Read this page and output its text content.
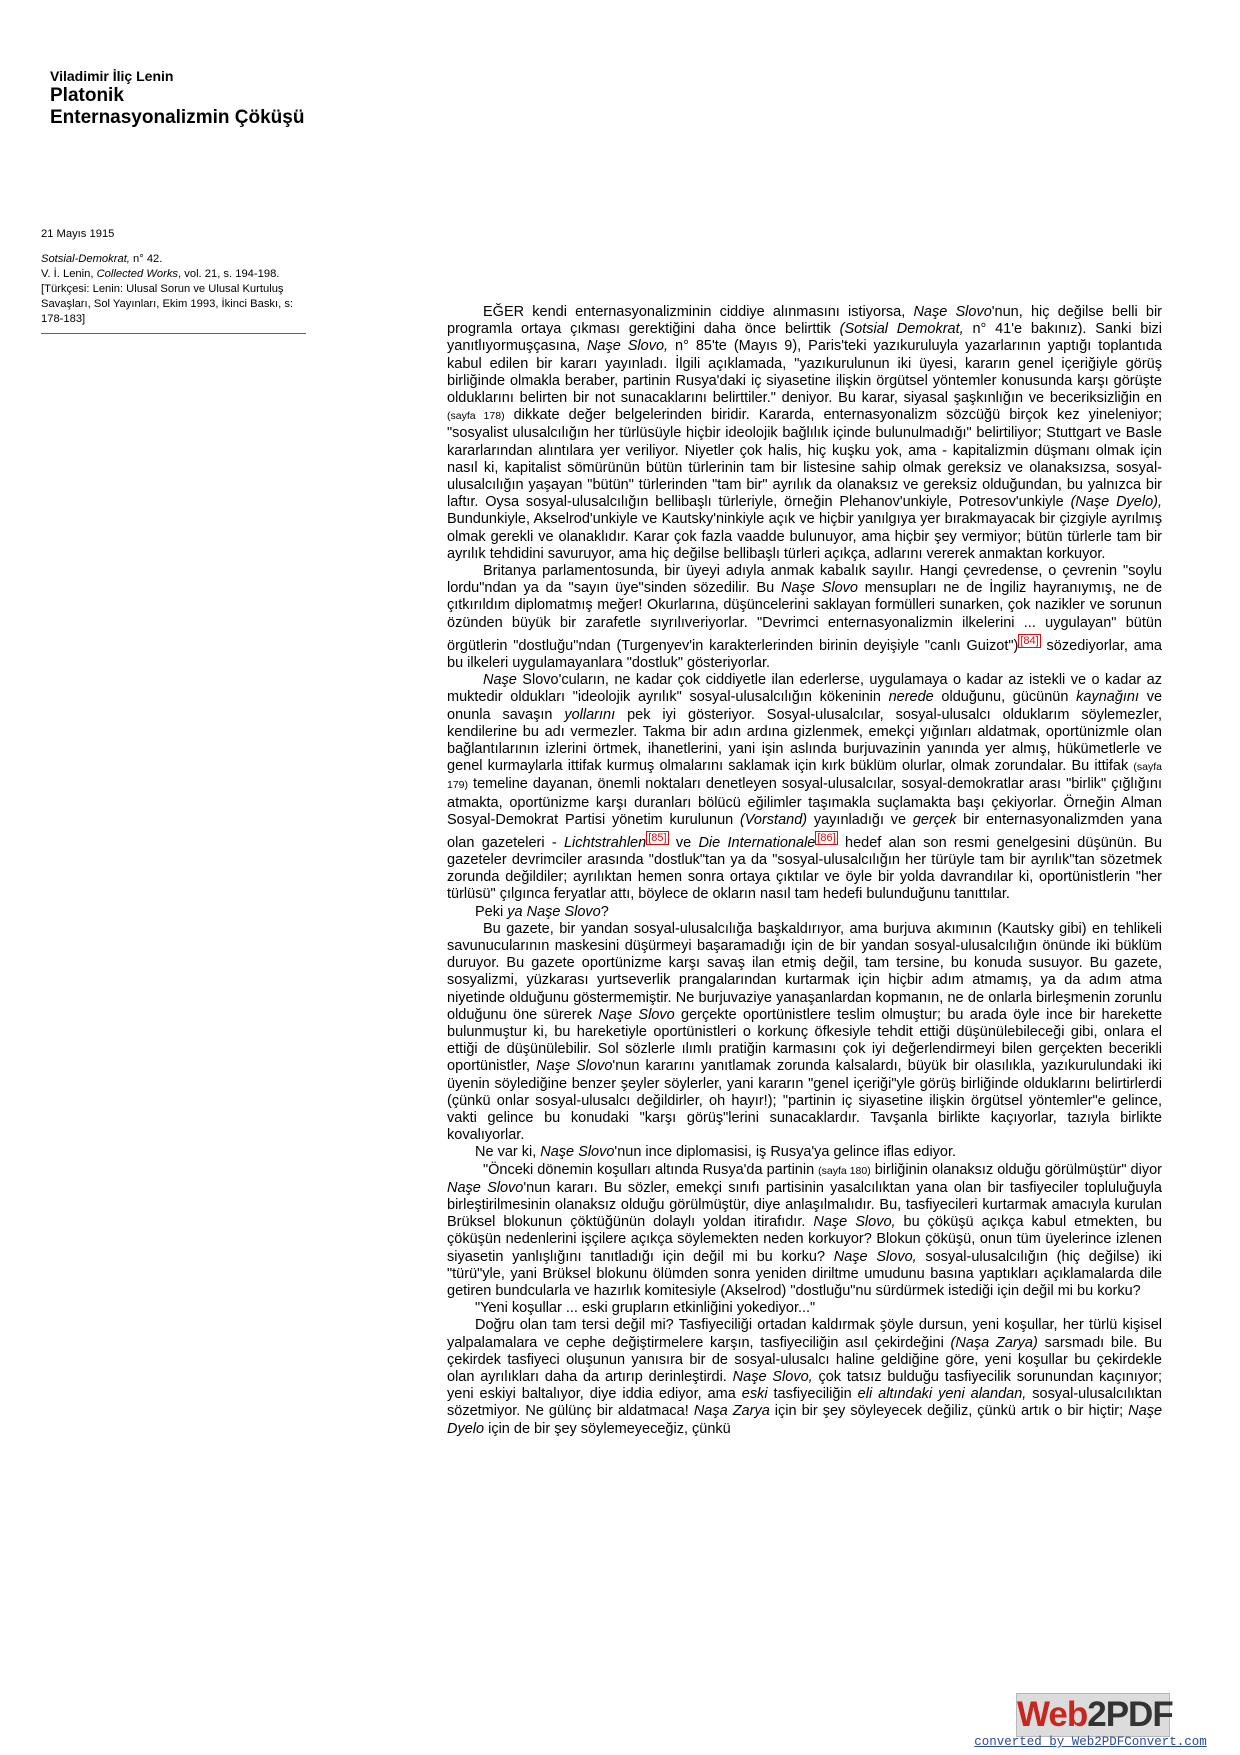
Viladimir İliç Lenin

Platonik

Enternasyonalizmin Çöküşü

21 Mayıs 1915

Sotsial-Demokrat, n° 42.

V. İ. Lenin, Collected Works, vol. 21, s. 194-198.

[Türkçesi: Lenin: Ulusal Sorun ve Ulusal Kurtuluş Savaşları, Sol Yayınları, Ekim 1993, İkinci Baskı, s: 178-183]	EĞER kendi enternasyonalizminin ciddiye alınmasını istiyorsa, Naşe Slovo'nun, hiç değilse belli bir programla ortaya çıkması gerektiğini daha önce belirttik (Sotsial Demokrat, n° 41'e bakınız). Sanki bizi yanıtlıyormuşçasına, Naşe Slovo, n° 85'te (Mayıs 9), Paris'teki yazıkuruluyla yazarlarının yaptığı toplantıda kabul edilen bir kararı yayınladı. İlgili açıklamada, "yazıkurulunun iki üyesi, kararın genel içeriğiyle görüş birliğinde olmakla beraber, partinin Rusya'daki iç siyasetine ilişkin örgütsel yöntemler konusunda karşı görüşte olduklarını belirten bir not sunacaklarını belirttiler." deniyor. Bu karar, siyasal şaşkınlığın ve beceriksizliğin en (sayfa 178) dikkate değer belgelerinden biridir. Kararda, enternasyonalizm sözcüğü birçok kez yineleniyor; "sosyalist ulusalcılığın her türlüsüyle hiçbir ideolojik bağlılık içinde bulunulmadığı" belirtiliyor; Stuttgart ve Basle kararlarından alıntılara yer veriliyor. Niyetler çok halis, hiç kuşku yok, ama - kapitalizmin düşmanı olmak için nasıl ki, kapitalist sömürünün bütün türlerinin tam bir listesine sahip olmak gereksiz ve olanaksızsa, sosyal-ulusalcılığın yaşayan "bütün" türlerinden "tam bir" ayrılık da olanaksız ve gereksiz olduğundan, bu yalnızca bir laftır. Oysa sosyal-ulusalcılığın bellibaşlı türleriyle, örneğin Plehanov'unkiyle, Potresov'unkiyle (Naşe Dyelo), Bundunkiyle, Akselrod'unkiyle ve Kautsky'ninkiyle açık ve hiçbir yanılgıya yer bırakmayacak bir çizgiyle ayrılmış olmak gerekli ve olanaklıdır. Karar çok fazla vaadde bulunuyor, ama hiçbir şey vermiyor; bütün türlerle tam bir ayrılık tehdidini savuruyor, ama hiç değilse bellibaşlı türleri açıkça, adlarını vererek anmaktan korkuyor.

Britanya parlamentosunda, bir üyeyi adıyla anmak kabalık sayılır. Hangi çevredense, o çevrenin "soylu lordu"ndan ya da "sayın üye"sinden sözedilir. Bu Naşe Slovo mensupları ne de İngiliz hayranıymış, ne de çıtkırıldım diplomatmış meğer! Okurlarına, düşüncelerini saklayan formülleri sunarken, çok nazikler ve sorunun özünden büyük bir zarafetle sıyrılıveriyorlar. "Devrimci enternasyonalizmin ilkelerini ... uygulayan" bütün örgütlerin "dostluğu"ndan (Turgenyev'in karakterlerinden birinin deyişiyle "canlı Guizot") [84] sözediyorlar, ama bu ilkeleri uygulamayanlara "dostluk" gösteriyorlar.

Naşe Slovo'cuların, ne kadar çok ciddiyetle ilan ederlerse, uygulamaya o kadar az istekli ve o kadar az muktedir oldukları "ideolojik ayrılık" sosyal-ulusalcılığın kökeninin nerede olduğunu, gücünün kaynağını ve onunla savaşın yollarını pek iyi gösteriyor. Sosyal-ulusalcılar, sosyal-ulusalcı olduklarım söylemezler, kendilerine bu adı vermezler. Takma bir adın ardına gizlenmek, emekçi yığınları aldatmak, oportünizmle olan bağlantılarının izlerini örtmek, ihanetlerini, yani işin aslında burjuvazinin yanında yer almış, hükümetlerle ve genel kurmaylarla ittifak kurmuş olmalarını saklamak için kırk büklüm olurlar, olmak zorundalar. Bu ittifak (sayfa 179) temeline dayanan, önemli noktaları denetleyen sosyal-ulusalcılar, sosyal-demokratlar arası "birlik" çığlığını atmakta, oportünizme karşı duranları bölücü eğilimler taşımakla suçlamakta başı çekiyorlar. Örneğin Alman Sosyal-Demokrat Partisi yönetim kurulunun (Vorstand) yayınladığı ve gerçek bir enternasyonalizmden yana olan gazeteleri - Lichtstrahlen [85] ve Die Internationale [86] hedef alan son resmi genelgesini düşünün. Bu gazeteler devrimciler arasında "dostluk"tan ya da "sosyal-ulusalcılığın her türüyle tam bir ayrılık"tan sözetmek zorunda değildiler; ayrılıktan hemen sonra ortaya çıktılar ve öyle bir yolda davrandılar ki, oportünistlerin "her türlüsü" çılgınca feryatlar attı, böylece de okların nasıl tam hedefi bulunduğunu tanıttılar.

Peki ya Naşe Slovo?

Bu gazete, bir yandan sosyal-ulusalcılığa başkaldırıyor, ama burjuva akımının (Kautsky gibi) en tehlikeli savunucularının maskesini düşürmeyi başaramadığı için de bir yandan sosyal-ulusalcılığın önünde iki büklüm duruyor. Bu gazete oportünizme karşı savaş ilan etmiş değil, tam tersine, bu konuda susuyor. Bu gazete, sosyalizmi, yüzkarası yurtseverlik prangalarından kurtarmak için hiçbir adım atmamış, ya da adım atma niyetinde olduğunu göstermemiştir. Ne burjuvaziye yanaşanlardan kopmanın, ne de onlarla birleşmenin zorunlu olduğunu öne sürerek Naşe Slovo gerçekte oportünistlere teslim olmuştur; bu arada öyle ince bir harekette bulunmuştur ki, bu hareketiyle oportünistleri o korkunç öfkesiyle tehdit ettiği düşünülebileceği gibi, onlara el ettiği de düşünülebilir. Sol sözlerle ılımlı pratiğin karmasını çok iyi değerlendirmeyi bilen gerçekten becerikli oportünistler, Naşe Slovo'nun kararını yanıtlamak zorunda kalsalardı, büyük bir olasılıkla, yazıkurulundaki iki üyenin söylediğine benzer şeyler söylerler, yani kararın "genel içeriği"yle görüş birliğinde olduklarını belirtirlerdi (çünkü onlar sosyal-ulusalcı değildirler, oh hayır!); "partinin iç siyasetine ilişkin örgütsel yöntemler"e gelince, vakti gelince bu konudaki "karşı görüş"lerini sunacaklardır. Tavşanla birlikte kaçıyorlar, tazıyla birlikte kovalıyorlar.

Ne var ki, Naşe Slovo'nun ince diplomasisi, iş Rusya'ya gelince iflas ediyor.

"Önceki dönemin koşulları altında Rusya'da partinin (sayfa 180) birliğinin olanaksız olduğu görülmüştür" diyor Naşe Slovo'nun kararı. Bu sözler, emekçi sınıfı partisinin yasalcılıktan yana olan bir tasfiyeciler topluluğuyla birleştirilmesinin olanaksız olduğu görülmüştür, diye anlaşılmalıdır. Bu, tasfiyecileri kurtarmak amacıyla kurulan Brüksel blokunun çöktüğünün dolaylı yoldan itirafıdır. Naşe Slovo, bu çöküşü açıkça kabul etmekten, bu çöküşün nedenlerini işçilere açıkça söylemekten neden korkuyor? Blokun çöküşü, onun tüm üyelerince izlenen siyasetin yanlışlığını tanıtladığı için değil mi bu korku? Naşe Slovo, sosyal-ulusalcılığın (hiç değilse) iki "türü"yle, yani Brüksel blokunu ölümden sonra yeniden diriltme umudunu basına yaptıkları açıklamalarda dile getiren bundcularla ve hazırlık komitesiyle (Akselrod) "dostluğu"nu sürdürmek istediği için değil mi bu korku?

"Yeni koşullar ... eski grupların etkinliğini yokediyor..."

Doğru olan tam tersi değil mi? Tasfiyeciliği ortadan kaldırmak şöyle dursun, yeni koşullar, her türlü kişisel yalpalamalara ve cephe değiştirmelere karşın, tasfiyeciliğin asıl çekirdeğini (Naşa Zarya) sarsmadı bile. Bu çekirdek tasfiyeci oluşunun yanısıra bir de sosyal-ulusalcı haline geldiğine göre, yeni koşullar bu çekirdekle olan ayrılıkları daha da artırıp derinleştirdi. Naşe Slovo, çok tatsız bulduğu tasfiyecilik sorunundan kaçınıyor; yeni eskiyi baltalıyor, diye iddia ediyor, ama eski tasfiyeciliğin eli altındaki yeni alandan, sosyal-ulusalcılıktan sözetmiyor. Ne gülünç bir aldatmaca! Naşa Zarya için bir şey söyleyecek değiliz, çünkü artık o bir hiçtir; Naşe Dyelo için de bir şey söylemeyeceğiz, çünkü

Web2PDF
converted by Web2PDFConvert.com
